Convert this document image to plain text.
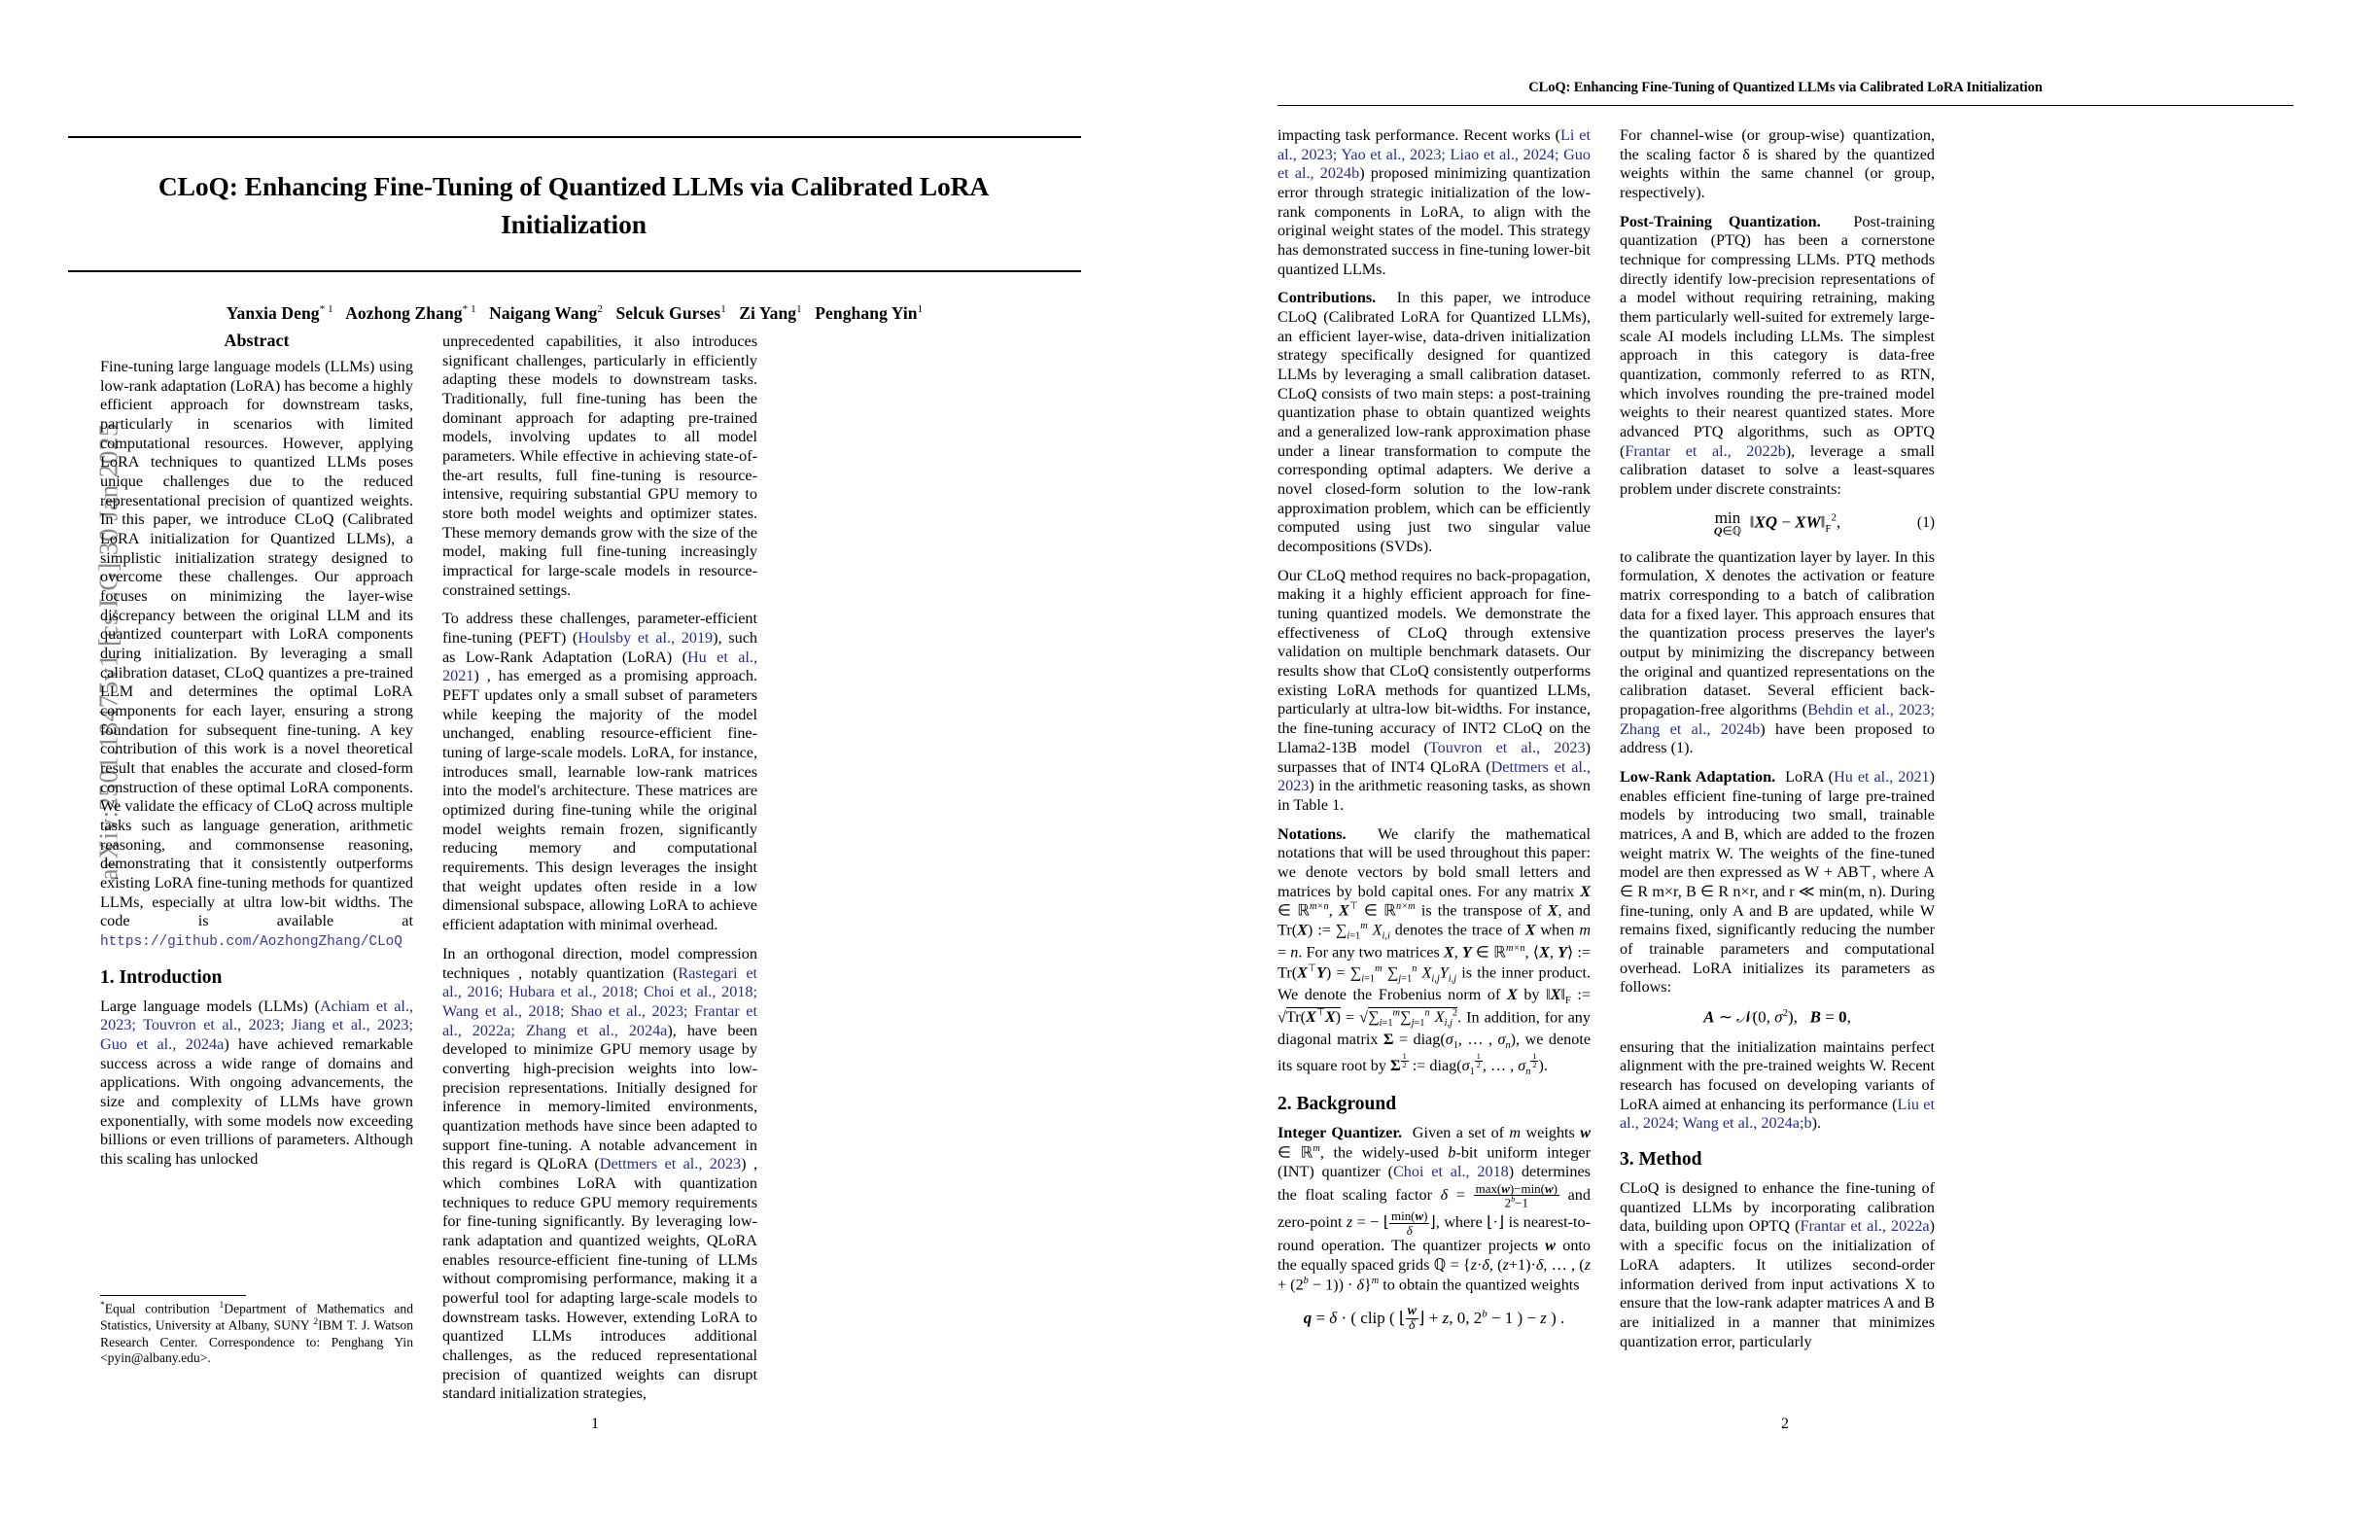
arXiv:2501.18475v1 [cs.LG] 30 Jan 2025
CLoQ: Enhancing Fine-Tuning of Quantized LLMs via Calibrated LoRA Initialization
Yanxia Deng$^{* 1}$ Aozhong Zhang$^{* 1}$ Naigang Wang$^2$ Selcuk Gurses$^1$ Zi Yang$^1$ Penghang Yin$^1$
Abstract

Fine-tuning large language models (LLMs) using low-rank adaptation (LoRA) has become a highly efficient approach for downstream tasks, particularly in scenarios with limited computational resources. However, applying LoRA techniques to quantized LLMs poses unique challenges due to the reduced representational precision of quantized weights. In this paper, we introduce CLoQ (Calibrated LoRA initialization for Quantized LLMs), a simplistic initialization strategy designed to overcome these challenges. Our approach focuses on minimizing the layer-wise discrepancy between the original LLM and its quantized counterpart with LoRA components during initialization. By leveraging a small calibration dataset, CLoQ quantizes a pre-trained LLM and determines the optimal LoRA components for each layer, ensuring a strong foundation for subsequent fine-tuning. A key contribution of this work is a novel theoretical result that enables the accurate and closed-form construction of these optimal LoRA components. We validate the efficacy of CLoQ across multiple tasks such as language generation, arithmetic reasoning, and commonsense reasoning, demonstrating that it consistently outperforms existing LoRA fine-tuning methods for quantized LLMs, especially at ultra low-bit widths. The code is available at https://github.com/AozhongZhang/CLoQ

1. Introduction

Large language models (LLMs) (Achiam et al., 2023; Touvron et al., 2023; Jiang et al., 2023; Guo et al., 2024a) have achieved remarkable success across a wide range of domains and applications. With ongoing advancements, the size and complexity of LLMs have grown exponentially, with some models now exceeding billions or even trillions of parameters. Although this scaling has unlocked

*Equal contribution $^1$Department of Mathematics and Statistics, University at Albany, SUNY $^2$IBM T. J. Watson Research Center. Correspondence to: Penghang Yin <pyin@albany.edu>.

unprecedented capabilities, it also introduces significant challenges, particularly in efficiently adapting these models to downstream tasks. Traditionally, full fine-tuning has been the dominant approach for adapting pre-trained models, involving updates to all model parameters. While effective in achieving state-of-the-art results, full fine-tuning is resource-intensive, requiring substantial GPU memory to store both model weights and optimizer states. These memory demands grow with the size of the model, making full fine-tuning increasingly impractical for large-scale models in resource-constrained settings.

To address these challenges, parameter-efficient fine-tuning (PEFT) (Houlsby et al., 2019), such as Low-Rank Adaptation (LoRA) (Hu et al., 2021) , has emerged as a promising approach. PEFT updates only a small subset of parameters while keeping the majority of the model unchanged, enabling resource-efficient fine-tuning of large-scale models. LoRA, for instance, introduces small, learnable low-rank matrices into the model's architecture. These matrices are optimized during fine-tuning while the original model weights remain frozen, significantly reducing memory and computational requirements. This design leverages the insight that weight updates often reside in a low dimensional subspace, allowing LoRA to achieve efficient adaptation with minimal overhead.

In an orthogonal direction, model compression techniques , notably quantization (Rastegari et al., 2016; Hubara et al., 2018; Choi et al., 2018; Wang et al., 2018; Shao et al., 2023; Frantar et al., 2022a; Zhang et al., 2024a), have been developed to minimize GPU memory usage by converting high-precision weights into low-precision representations. Initially designed for inference in memory-limited environments, quantization methods have since been adapted to support fine-tuning. A notable advancement in this regard is QLoRA (Dettmers et al., 2023) , which combines LoRA with quantization techniques to reduce GPU memory requirements for fine-tuning significantly. By leveraging low-rank adaptation and quantized weights, QLoRA enables resource-efficient fine-tuning of LLMs without compromising performance, making it a powerful tool for adapting large-scale models to downstream tasks. However, extending LoRA to quantized LLMs introduces additional challenges, as the reduced representational precision of quantized weights can disrupt standard initialization strategies,

1
CLoQ: Enhancing Fine-Tuning of Quantized LLMs via Calibrated LoRA Initialization

impacting task performance. Recent works (Li et al., 2023; Yao et al., 2023; Liao et al., 2024; Guo et al., 2024b) proposed minimizing quantization error through strategic initialization of the low-rank components in LoRA, to align with the original weight states of the model. This strategy has demonstrated success in fine-tuning lower-bit quantized LLMs.

Contributions. In this paper, we introduce CLoQ (Calibrated LoRA for Quantized LLMs), an efficient layer-wise, data-driven initialization strategy specifically designed for quantized LLMs by leveraging a small calibration dataset. CLoQ consists of two main steps: a post-training quantization phase to obtain quantized weights and a generalized low-rank approximation phase under a linear transformation to compute the corresponding optimal adapters. We derive a novel closed-form solution to the low-rank approximation problem, which can be efficiently computed using just two singular value decompositions (SVDs).

Our CLoQ method requires no back-propagation, making it a highly efficient approach for fine-tuning quantized models. We demonstrate the effectiveness of CLoQ through extensive validation on multiple benchmark datasets. Our results show that CLoQ consistently outperforms existing LoRA methods for quantized LLMs, particularly at ultra-low bit-widths. For instance, the fine-tuning accuracy of INT2 CLoQ on the Llama2-13B model (Touvron et al., 2023) surpasses that of INT4 QLoRA (Dettmers et al., 2023) in the arithmetic reasoning tasks, as shown in Table 1.

Notations. We clarify the mathematical notations that will be used throughout this paper: we denote vectors by bold small letters and matrices by bold capital ones. For any matrix X ∈ ℝ$^{m\times n}$, X⊤ ∈ ℝ$^{n\times m}$ is the transpose of X, and Tr(X) := $\sum_{i=1}^m$ $X_{i,i}$ denotes the trace of X when m = n. For any two matrices X, Y ∈ ℝ$^{m\times n}$, ⟨X, Y⟩ := $Tr(X^⊤Y) = \sum_{i=1}^m$ $\sum_{j=1}^n$ $X_{i,j}Y_{i,j}$ is the inner product. We denote the Frobenius norm of X by $‖X‖_F$ := $√Tr(X^⊤X) = √\sum_{i=1}^m\sum_{j=1}^n$ $X_{i,j}^2$. In addition, for any diagonal matrix $\Sigma = diag(\sigma_1$, … , $\sigma_n$), we denote its square root by Σ $^{\frac{1}{2}}$ := $diag(\sigma_1$
$^{\frac{1}{2}}$ , … , $\sigma_n$
$^{\frac{1}{2}}$ ).

2. Background

Integer Quantizer.  Given a set of m weights w ∈ ℝ$^m$, the widely-used b-bit uniform integer (INT) quantizer (Choi et al., 2018) determines the float scaling factor $\delta = \frac{\max(w)-\min(w)}{2^b-1}$ and zero-point z = − ⌊ $\frac{\min(w)}{\delta}$ ⌋, where ⌊·⌋ is nearest-to-round operation. The quantizer projects w onto the equally spaced grids ℚ = {z·δ, (z+1)·δ, … , $(z + (2^b - 1)) \cdot \delta\}^m$ to obtain the quantized weights

q = δ · ( clip ( ⌊ $\frac{w}{\delta}$ ⌋ + z, 0, $2^b - 1$ ) − z ) .

For channel-wise (or group-wise) quantization, the scaling factor δ is shared by the quantized weights within the same channel (or group, respectively).

Post-Training Quantization. Post-training quantization (PTQ) has been a cornerstone technique for compressing LLMs. PTQ methods directly identify low-precision representations of a model without requiring retraining, making them particularly well-suited for extremely large-scale AI models including LLMs. The simplest approach in this category is data-free quantization, commonly referred to as RTN, which involves rounding the pre-trained model weights to their nearest quantized states. More advanced PTQ algorithms, such as OPTQ (Frantar et al., 2022b), leverage a small calibration dataset to solve a least-squares problem under discrete constraints:

min
Q∈ℚ ‖XQ − $XW‖_F^2$,	(1)

to calibrate the quantization layer by layer. In this formulation, X denotes the activation or feature matrix corresponding to a batch of calibration data for a fixed layer. This approach ensures that the quantization process preserves the layer's output by minimizing the discrepancy between the original and quantized representations on the calibration dataset. Several efficient back-propagation-free algorithms (Behdin et al., 2023; Zhang et al., 2024b) have been proposed to address (1).

Low-Rank Adaptation. LoRA (Hu et al., 2021) enables efficient fine-tuning of large pre-trained models by introducing two small, trainable matrices, A and B, which are added to the frozen weight matrix W. The weights of the fine-tuned model are then expressed as W + AB⊤, where A ∈ R m×r, B ∈ R n×r, and r ≪ min(m, n). During fine-tuning, only A and B are updated, while W remains fixed, significantly reducing the number of trainable parameters and computational overhead. LoRA initializes its parameters as follows:

A ∼ 𝒩(0, $\sigma^2$),   B = 0,

ensuring that the initialization maintains perfect alignment with the pre-trained weights W. Recent research has focused on developing variants of LoRA aimed at enhancing its performance (Liu et al., 2024; Wang et al., 2024a;b).

3. Method

CLoQ is designed to enhance the fine-tuning of quantized LLMs by incorporating calibration data, building upon OPTQ (Frantar et al., 2022a) with a specific focus on the initialization of LoRA adapters. It utilizes second-order information derived from input activations X to ensure that the low-rank adapter matrices A and B are initialized in a manner that minimizes quantization error, particularly

2
